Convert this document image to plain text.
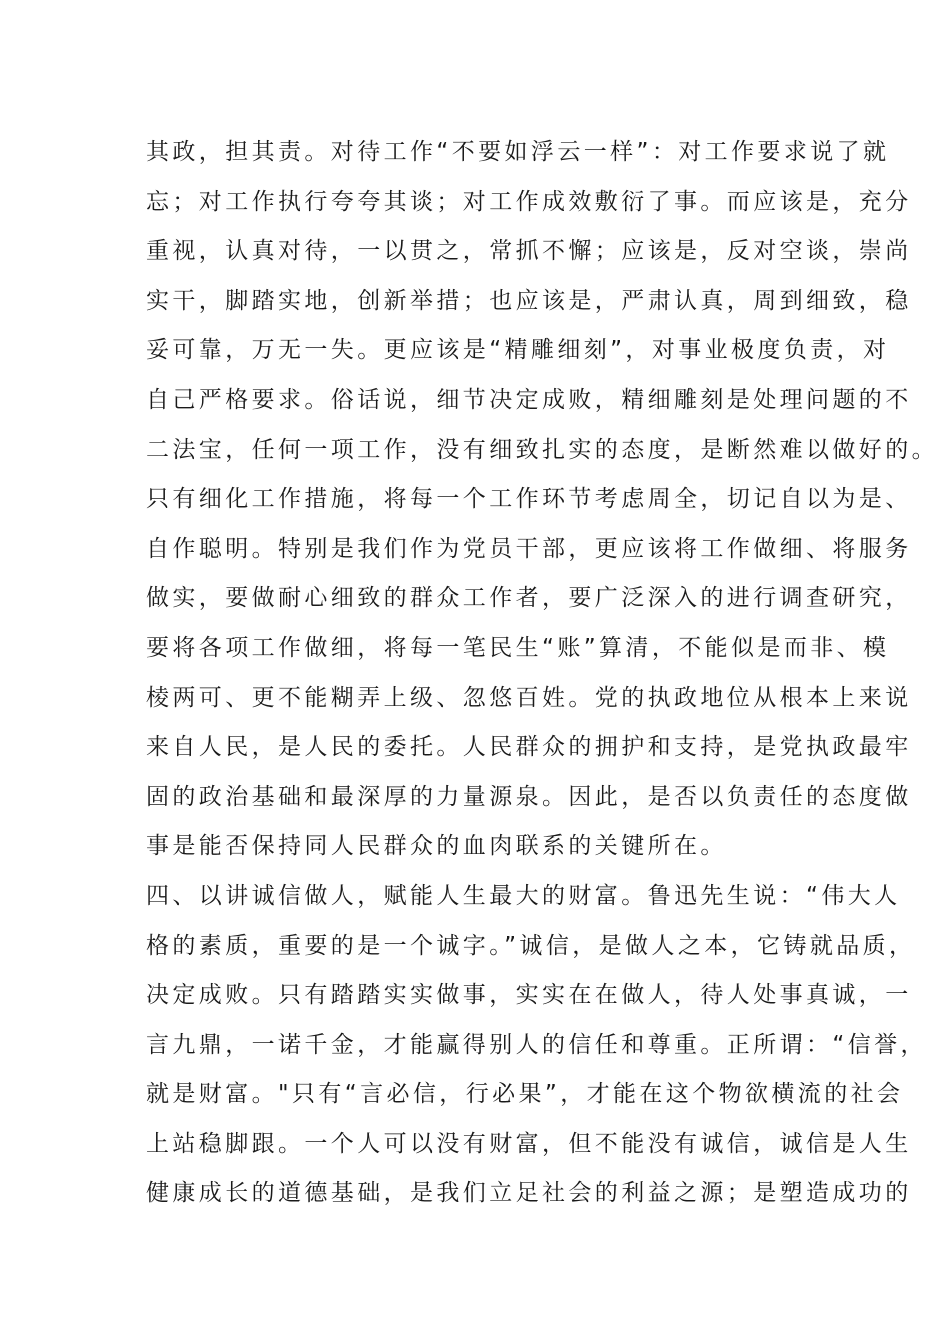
其政，担其责。对待工作“不要如浮云一样”：对工作要求说了就
忘；对工作执行夸夸其谈；对工作成效敷衍了事。而应该是，充分
重视，认真对待，一以贯之，常抓不懈；应该是，反对空谈，崇尚
实干，脚踏实地，创新举措；也应该是，严肃认真，周到细致，稳
妥可靠，万无一失。更应该是“精雕细刻”，对事业极度负责，对
自己严格要求。俗话说，细节决定成败，精细雕刻是处理问题的不
二法宝，任何一项工作，没有细致扎实的态度，是断然难以做好的。
只有细化工作措施，将每一个工作环节考虑周全，切记自以为是、
自作聪明。特别是我们作为党员干部，更应该将工作做细、将服务
做实，要做耐心细致的群众工作者，要广泛深入的进行调查研究，
要将各项工作做细，将每一笔民生“账”算清，不能似是而非、模
棱两可、更不能糊弄上级、忽悠百姓。党的执政地位从根本上来说
来自人民，是人民的委托。人民群众的拥护和支持，是党执政最牢
固的政治基础和最深厚的力量源泉。因此，是否以负责任的态度做
事是能否保持同人民群众的血肉联系的关键所在。
四、以讲诚信做人，赋能人生最大的财富。鲁迅先生说：“伟大人
格的素质，重要的是一个诚字。”诚信，是做人之本，它铸就品质，
决定成败。只有踏踏实实做事，实实在在做人，待人处事真诚，一
言九鼎，一诺千金，才能赢得别人的信任和尊重。正所谓：“信誉，
就是财富。"只有“言必信，行必果”，才能在这个物欲横流的社会
上站稳脚跟。一个人可以没有财富，但不能没有诚信，诚信是人生
健康成长的道德基础，是我们立足社会的利益之源；是塑造成功的
